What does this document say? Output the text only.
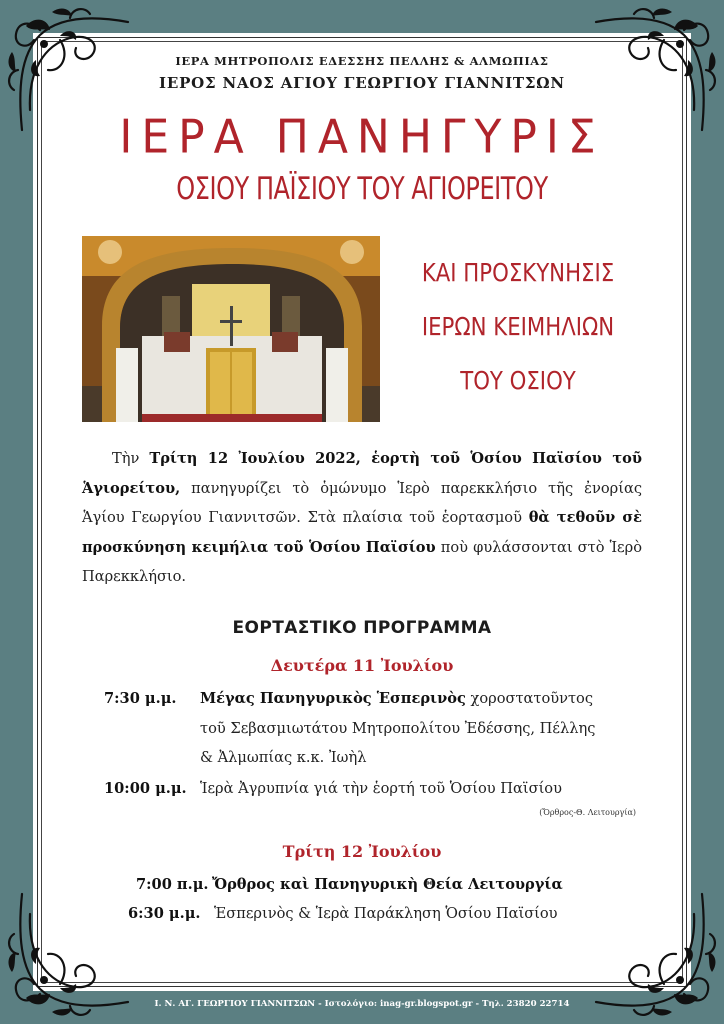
ΙΕΡΑ ΜΗΤΡΟΠΟΛΙΣ ΕΔΕΣΣΗΣ ΠΕΛΛΗΣ & ΑΛΜΩΠΙΑΣ
ΙΕΡΟΣ ΝΑΟΣ ΑΓΙΟΥ ΓΕΩΡΓΙΟΥ ΓΙΑΝΝΙΤΣΩΝ
ΙΕΡΑ ΠΑΝΗΓΥΡΙΣ
ΟΣΙΟΥ ΠΑΪΣΙΟΥ ΤΟΥ ΑΓΙΟΡΕΙΤΟΥ
ΚΑΙ ΠΡΟΣΚΥΝΗΣΙΣ
ΙΕΡΩΝ ΚΕΙΜΗΛΙΩΝ
ΤΟΥ ΟΣΙΟΥ
Τὴν Τρίτη 12 Ἰουλίου 2022, ἑορτὴ τοῦ Ὁσίου Παϊσίου τοῦ Ἁγιορείτου, πανηγυρίζει τὸ ὁμώνυμο Ἱερὸ παρεκκλήσιο τῆς ἐνορίας Ἁγίου Γεωργίου Γιαννιτσῶν. Στὰ πλαίσια τοῦ ἑορτασμοῦ θὰ τεθοῦν σὲ προσκύνηση κειμήλια τοῦ Ὁσίου Παϊσίου ποὺ φυλάσσονται στὸ Ἱερὸ Παρεκκλήσιο.
ΕΟΡΤΑΣΤΙΚΟ ΠΡΟΓΡΑΜΜΑ
Δευτέρα 11 Ἰουλίου
7:30 μ.μ. Μέγας Πανηγυρικὸς Ἑσπερινὸς χοροστατοῦντος
τοῦ Σεβασμιωτάτου Μητροπολίτου Ἐδέσσης, Πέλλης
& Ἀλμωπίας κ.κ. Ἰωὴλ
10:00 μ.μ. Ἱερὰ Ἀγρυπνία γιά τὴν ἑορτή τοῦ Ὁσίου Παϊσίου
(Ὄρθρος-Θ. Λειτουργία)
Τρίτη 12 Ἰουλίου
7:00 π.μ. Ὄρθρος καὶ Πανηγυρικὴ Θεία Λειτουργία
6:30 μ.μ. Ἑσπερινὸς & Ἱερὰ Παράκληση Ὁσίου Παϊσίου
Ι. Ν. ΑΓ. ΓΕΩΡΓΙΟΥ ΓΙΑΝΝΙΤΣΩΝ - Ιστολόγιο: inag-gr.blogspot.gr - Τηλ. 23820 22714
